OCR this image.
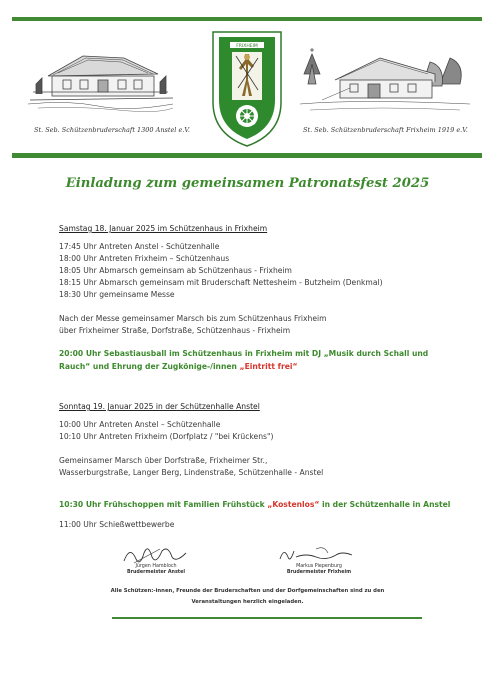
FRIXHEIM
St. Seb. Schützenbruderschaft 1300 Anstel e.V.	St. Seb. Schützenbruderschaft Frixheim 1919 e.V.
Einladung zum gemeinsamen Patronatsfest 2025
Samstag 18. Januar 2025 im Schützenhaus in Frixheim
17:45 Uhr Antreten Anstel - Schützenhalle
18:00 Uhr Antreten Frixheim – Schützenhaus
18:05 Uhr Abmarsch gemeinsam ab Schützenhaus - Frixheim
18:15 Uhr Abmarsch gemeinsam mit Bruderschaft Nettesheim - Butzheim (Denkmal)
18:30 Uhr gemeinsame Messe
Nach der Messe gemeinsamer Marsch bis zum Schützenhaus Frixheim
über Frixheimer Straße, Dorfstraße, Schützenhaus - Frixheim
20:00 Uhr Sebastiausball im Schützenhaus in Frixheim mit DJ „Musik durch Schall und
Rauch“ und Ehrung der Zugkönige-/innen „Eintritt frei“
Sonntag 19. Januar 2025 in der Schützenhalle Anstel
10:00 Uhr Antreten Anstel – Schützenhalle
10:10 Uhr Antreten Frixheim (Dorfplatz / "bei Krückens")
Gemeinsamer Marsch über Dorfstraße, Frixheimer Str.,
Wasserburgstraße, Langer Berg, Lindenstraße, Schützenhalle - Anstel
10:30 Uhr Frühschoppen mit Familien Frühstück „Kostenlos“ in der Schützenhalle in Anstel
11:00 Uhr Schießwettbewerbe
Jürgen Hambloch
Brudermeister Anstel
Markus Piepenburg
Brudermeister Frixheim
Alle Schützen:-innen, Freunde der Bruderschaften und der Dorfgemeinschaften sind zu den
Veranstaltungen herzlich eingeladen.
